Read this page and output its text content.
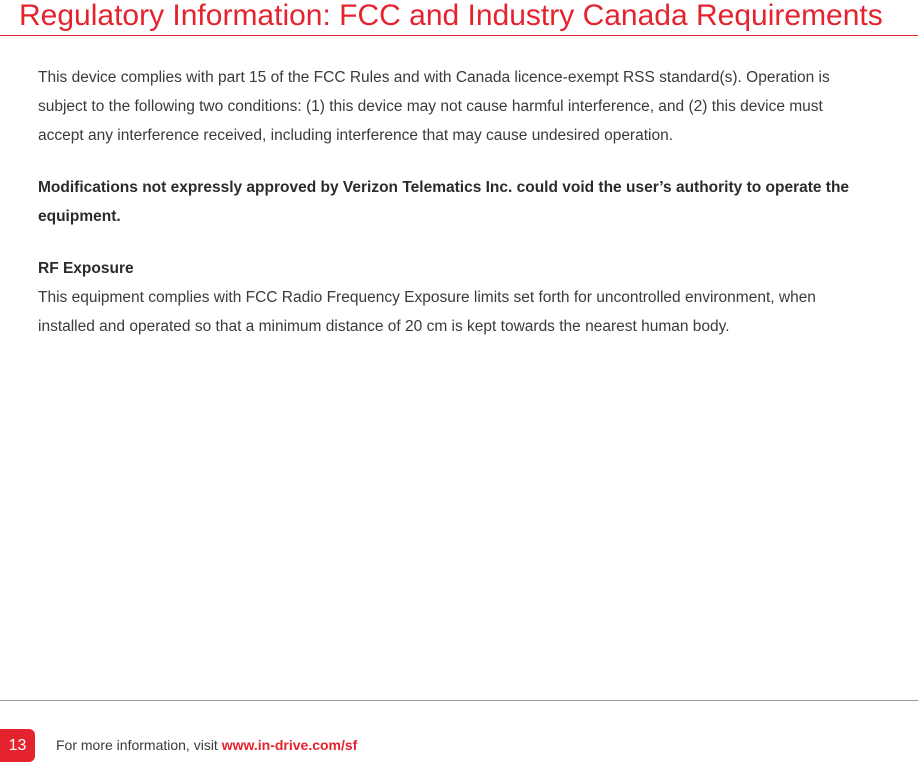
Regulatory Information: FCC and Industry Canada Requirements

This device complies with part 15 of the FCC Rules and with Canada licence-exempt RSS standard(s). Operation is subject to the following two conditions: (1) this device may not cause harmful interference, and (2) this device must accept any interference received, including interference that may cause undesired operation.

Modifications not expressly approved by Verizon Telematics Inc. could void the user’s authority to operate the equipment.

RF Exposure
This equipment complies with FCC Radio Frequency Exposure limits set forth for uncontrolled environment, when installed and operated so that a minimum distance of 20 cm is kept towards the nearest human body.

13	For more information, visit www.in-drive.com/sf
